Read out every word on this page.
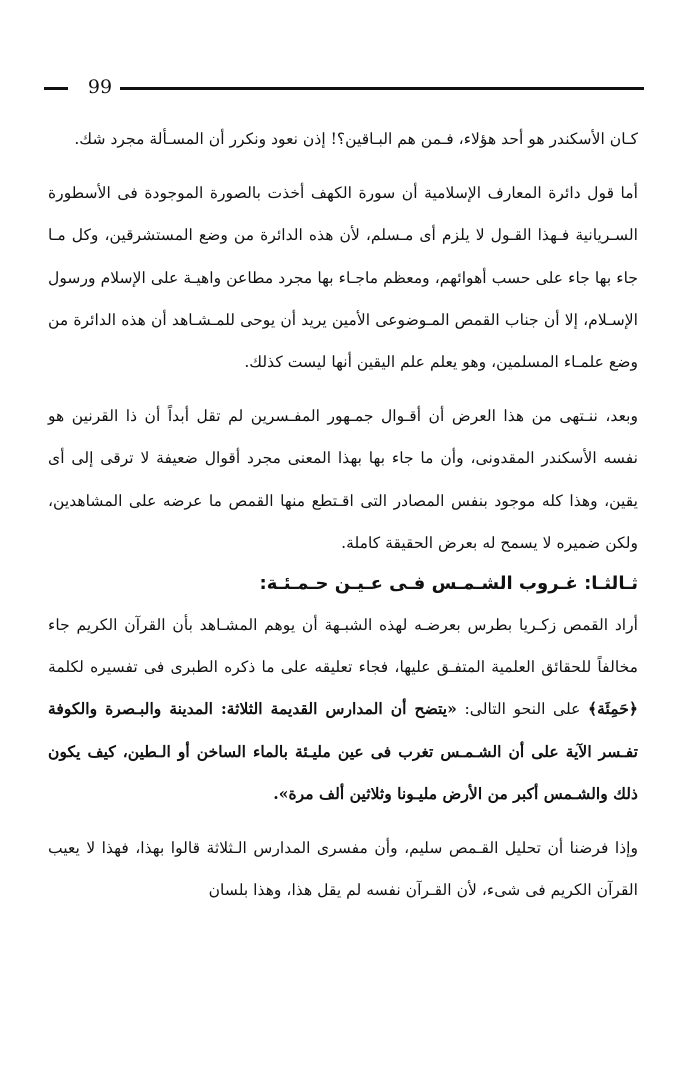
99

كـان الأسكندر هو أحد هؤلاء، فـمن هم البـاقين؟! إذن نعود ونكرر أن المسـألة مجرد شك.

أما قول دائرة المعارف الإسلامية أن سورة الكهف أخذت بالصورة الموجودة فى الأسطورة السـريانية فـهذا القـول لا يلزم أى مـسلم، لأن هذه الدائرة من وضع المستشرقين، وكل مـا جاء بها جاء على حسب أهوائهم، ومعظم ماجـاء بها مجرد مطاعن واهيـة على الإسلام ورسول الإسـلام، إلا أن جناب القمص المـوضوعى الأمين يريد أن يوحى للمـشـاهد أن هذه الدائرة من وضع علمـاء المسلمين، وهو يعلم علم اليقين أنها ليست كذلك.

وبعد، ننـتهى من هذا العرض أن أقـوال جمـهور المفـسرين لم تقل أبداً أن ذا القرنين هو نفسه الأسكندر المقدونى، وأن ما جاء بها بهذا المعنى مجرد أقوال ضعيفة لا ترقى إلى أى يقين، وهذا كله موجود بنفس المصادر التى اقـتطع منها القمص ما عرضه على المشاهدين، ولكن ضميره لا يسمح له بعرض الحقيقة كاملة.

ثـالثـا: غـروب الشـمـس فـى عـيـن حـمـئـة:

أراد القمص زكـريا بطرس بعرضـه لهذه الشبـهة أن يوهم المشـاهد بأن القرآن الكريم جاء مخالفاً للحقائق العلمية المتفـق عليها، فجاء تعليقه على ما ذكره الطبرى فى تفسيره لكلمة ﴿حَمِئَة﴾ على النحو التالى: «يتضح أن المدارس القديمة الثلاثة: المدينة والبـصرة والكوفة تفـسر الآية على أن الشـمـس تغرب فى عين مليـئة بالماء الساخن أو الـطين، كيف يكون ذلك والشـمس أكبر من الأرض مليـونا وثلاثين ألف مرة».

وإذا فرضنا أن تحليل القـمص سليم، وأن مفسرى المدارس الـثلاثة قالوا بهذا، فهذا لا يعيب القرآن الكريم فى شىء، لأن القـرآن نفسه لم يقل هذا، وهذا بلسان
